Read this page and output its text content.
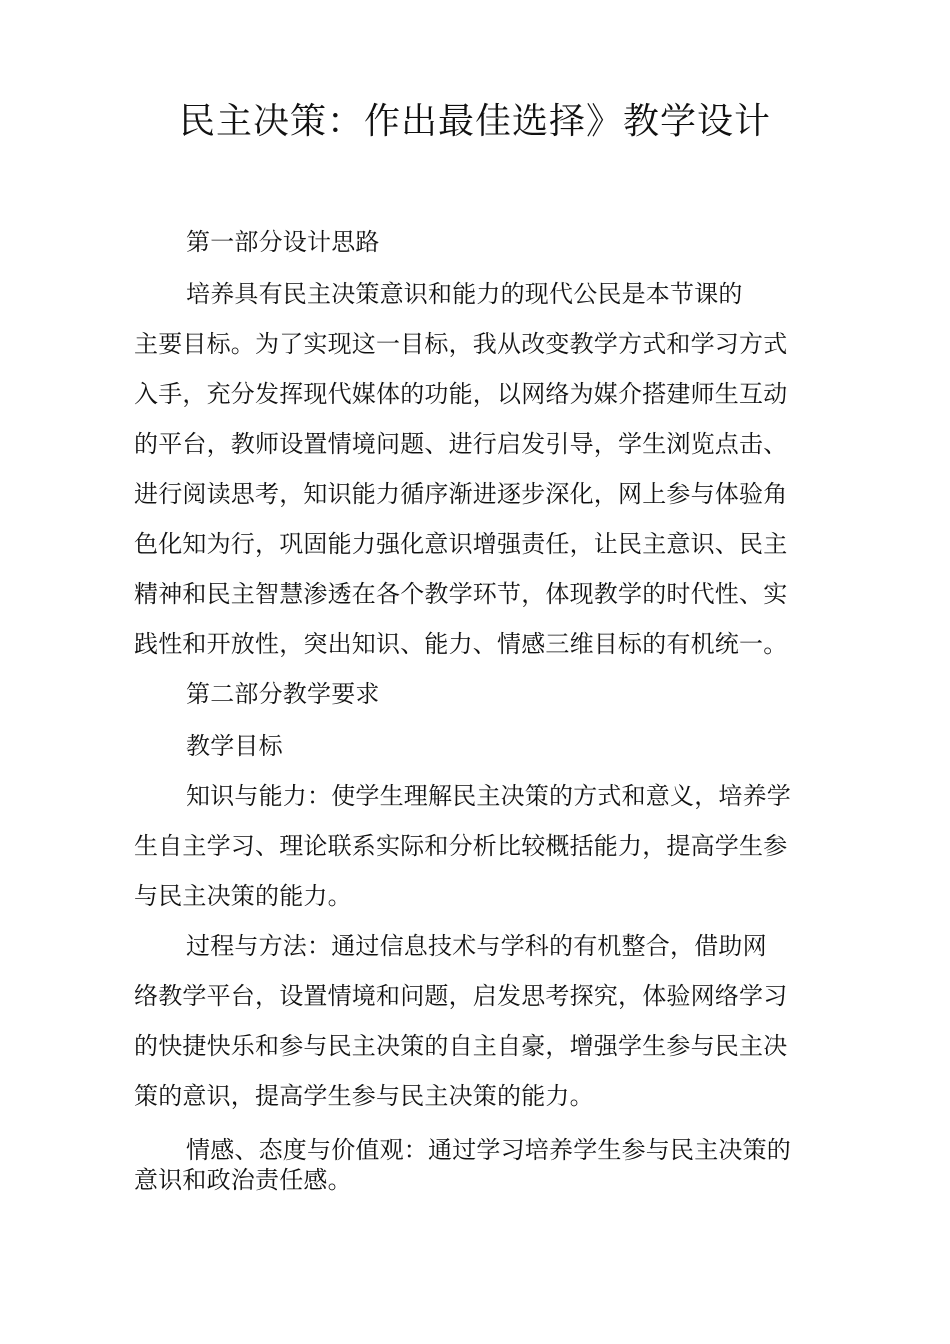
民主决策：作出最佳选择》教学设计
第一部分设计思路
培养具有民主决策意识和能力的现代公民是本节课的
主要目标。为了实现这一目标，我从改变教学方式和学习方式
入手，充分发挥现代媒体的功能，以网络为媒介搭建师生互动
的平台，教师设置情境问题、进行启发引导，学生浏览点击、
进行阅读思考，知识能力循序渐进逐步深化，网上参与体验角
色化知为行，巩固能力强化意识增强责任，让民主意识、民主
精神和民主智慧渗透在各个教学环节，体现教学的时代性、实
践性和开放性，突出知识、能力、情感三维目标的有机统一。
第二部分教学要求
教学目标
知识与能力：使学生理解民主决策的方式和意义，培养学
生自主学习、理论联系实际和分析比较概括能力，提高学生参
与民主决策的能力。
过程与方法：通过信息技术与学科的有机整合，借助网
络教学平台，设置情境和问题，启发思考探究，体验网络学习
的快捷快乐和参与民主决策的自主自豪，增强学生参与民主决
策的意识，提高学生参与民主决策的能力。
情感、态度与价值观：通过学习培养学生参与民主决策的
意识和政治责任感。
